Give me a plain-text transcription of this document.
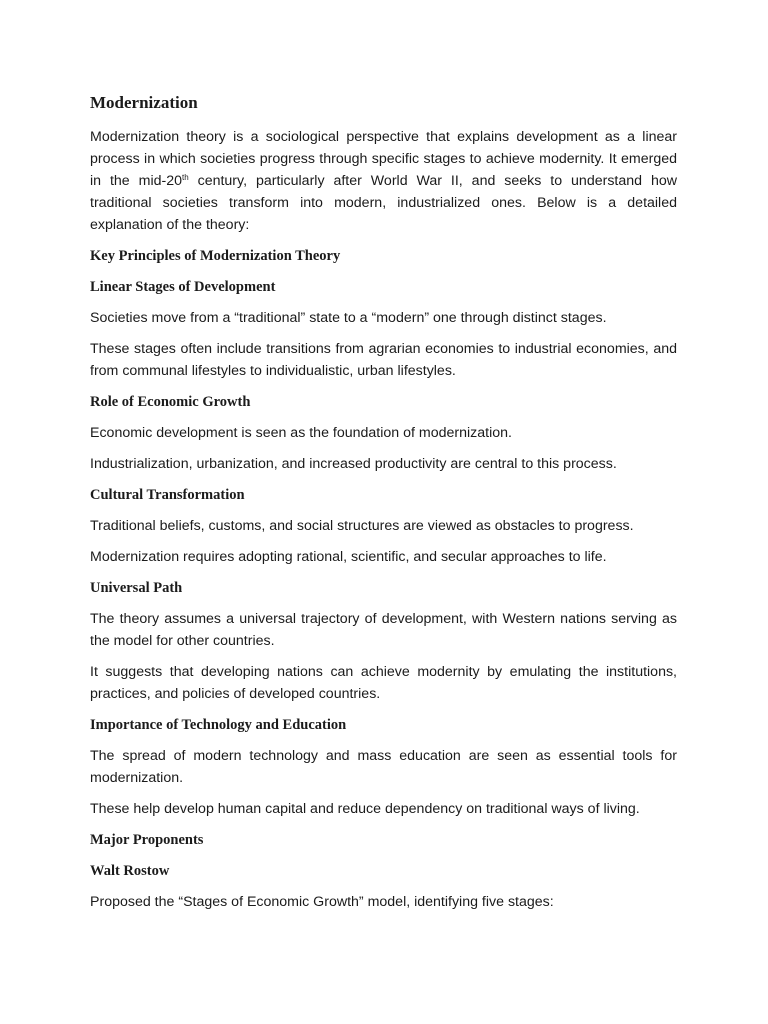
Modernization

Modernization theory is a sociological perspective that explains development as a linear process in which societies progress through specific stages to achieve modernity. It emerged in the mid-20th century, particularly after World War II, and seeks to understand how traditional societies transform into modern, industrialized ones. Below is a detailed explanation of the theory:

Key Principles of Modernization Theory
Linear Stages of Development

Societies move from a “traditional” state to a “modern” one through distinct stages.

These stages often include transitions from agrarian economies to industrial economies, and from communal lifestyles to individualistic, urban lifestyles.

Role of Economic Growth

Economic development is seen as the foundation of modernization.

Industrialization, urbanization, and increased productivity are central to this process.

Cultural Transformation

Traditional beliefs, customs, and social structures are viewed as obstacles to progress.

Modernization requires adopting rational, scientific, and secular approaches to life.

Universal Path

The theory assumes a universal trajectory of development, with Western nations serving as the model for other countries.

It suggests that developing nations can achieve modernity by emulating the institutions, practices, and policies of developed countries.

Importance of Technology and Education

The spread of modern technology and mass education are seen as essential tools for modernization.

These help develop human capital and reduce dependency on traditional ways of living.

Major Proponents
Walt Rostow

Proposed the “Stages of Economic Growth” model, identifying five stages:
